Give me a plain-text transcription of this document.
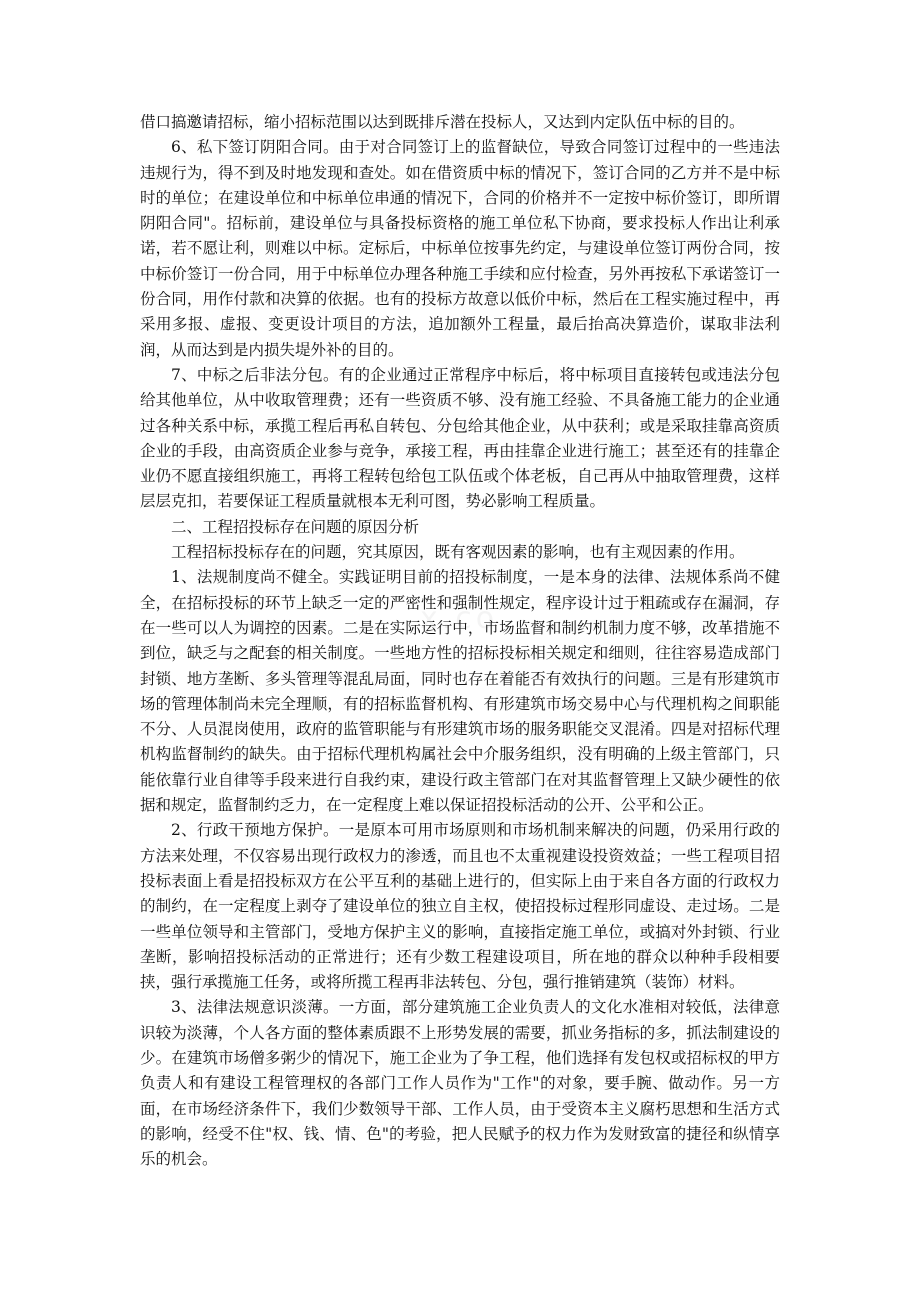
借口搞邀请招标，缩小招标范围以达到既排斥潜在投标人，又达到内定队伍中标的目的。

6、私下签订阴阳合同。由于对合同签订上的监督缺位，导致合同签订过程中的一些违法违规行为，得不到及时地发现和查处。如在借资质中标的情况下，签订合同的乙方并不是中标时的单位；在建设单位和中标单位串通的情况下，合同的价格并不一定按中标价签订，即所谓阴阳合同"。招标前，建设单位与具备投标资格的施工单位私下协商，要求投标人作出让利承诺，若不愿让利，则难以中标。定标后，中标单位按事先约定，与建设单位签订两份合同，按中标价签订一份合同，用于中标单位办理各种施工手续和应付检查，另外再按私下承诺签订一份合同，用作付款和决算的依据。也有的投标方故意以低价中标，然后在工程实施过程中，再采用多报、虚报、变更设计项目的方法，追加额外工程量，最后抬高决算造价，谋取非法利润，从而达到是内损失堤外补的目的。

7、中标之后非法分包。有的企业通过正常程序中标后，将中标项目直接转包或违法分包给其他单位，从中收取管理费；还有一些资质不够、没有施工经验、不具备施工能力的企业通过各种关系中标，承揽工程后再私自转包、分包给其他企业，从中获利；或是采取挂靠高资质企业的手段，由高资质企业参与竞争，承接工程，再由挂靠企业进行施工；甚至还有的挂靠企业仍不愿直接组织施工，再将工程转包给包工队伍或个体老板，自己再从中抽取管理费，这样层层克扣，若要保证工程质量就根本无利可图，势必影响工程质量。

二、工程招投标存在问题的原因分析

工程招标投标存在的问题，究其原因，既有客观因素的影响，也有主观因素的作用。

1、法规制度尚不健全。实践证明目前的招投标制度，一是本身的法律、法规体系尚不健全，在招标投标的环节上缺乏一定的严密性和强制性规定，程序设计过于粗疏或存在漏洞，存在一些可以人为调控的因素。二是在实际运行中，市场监督和制约机制力度不够，改革措施不到位，缺乏与之配套的相关制度。一些地方性的招标投标相关规定和细则，往往容易造成部门封锁、地方垄断、多头管理等混乱局面，同时也存在着能否有效执行的问题。三是有形建筑市场的管理体制尚未完全理顺，有的招标监督机构、有形建筑市场交易中心与代理机构之间职能不分、人员混岗使用，政府的监管职能与有形建筑市场的服务职能交叉混淆。四是对招标代理机构监督制约的缺失。由于招标代理机构属社会中介服务组织，没有明确的上级主管部门，只能依靠行业自律等手段来进行自我约束，建设行政主管部门在对其监督管理上又缺少硬性的依据和规定，监督制约乏力，在一定程度上难以保证招投标活动的公开、公平和公正。

2、行政干预地方保护。一是原本可用市场原则和市场机制来解决的问题，仍采用行政的方法来处理，不仅容易出现行政权力的渗透，而且也不太重视建设投资效益；一些工程项目招投标表面上看是招投标双方在公平互利的基础上进行的，但实际上由于来自各方面的行政权力的制约，在一定程度上剥夺了建设单位的独立自主权，使招投标过程形同虚设、走过场。二是一些单位领导和主管部门，受地方保护主义的影响，直接指定施工单位，或搞对外封锁、行业垄断，影响招投标活动的正常进行；还有少数工程建设项目，所在地的群众以种种手段相要挟，强行承揽施工任务，或将所揽工程再非法转包、分包，强行推销建筑（装饰）材料。

3、法律法规意识淡薄。一方面，部分建筑施工企业负责人的文化水准相对较低，法律意识较为淡薄，个人各方面的整体素质跟不上形势发展的需要，抓业务指标的多，抓法制建设的少。在建筑市场僧多粥少的情况下，施工企业为了争工程，他们选择有发包权或招标权的甲方负责人和有建设工程管理权的各部门工作人员作为"工作"的对象，要手腕、做动作。另一方面，在市场经济条件下，我们少数领导干部、工作人员，由于受资本主义腐朽思想和生活方式的影响，经受不住"权、钱、情、色"的考验，把人民赋予的权力作为发财致富的捷径和纵情享乐的机会。
